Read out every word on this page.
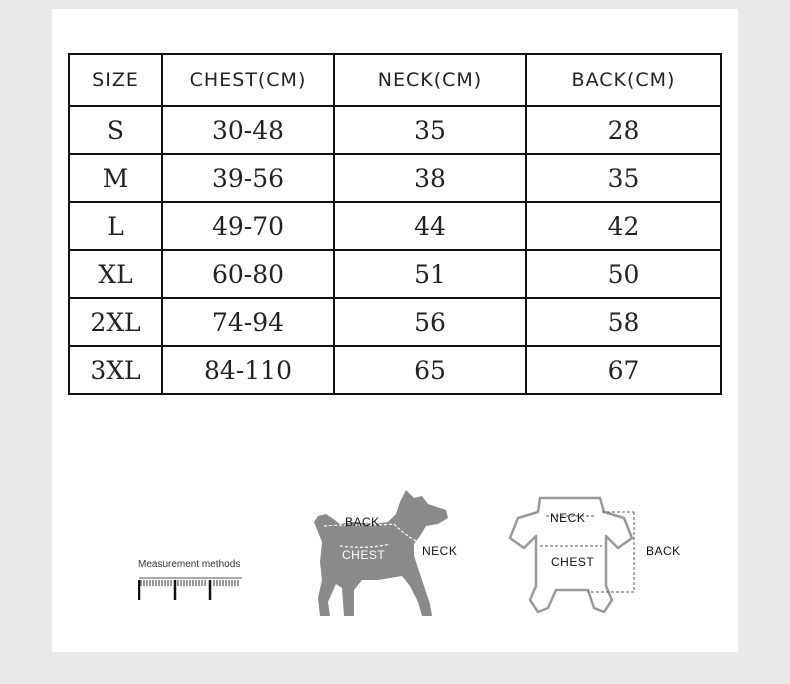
SIZE	CHEST(CM)	NECK(CM)	BACK(CM)
S	30-48	35	28
M	39-56	38	35
L	49-70	44	42
XL	60-80	51	50
2XL	74-94	56	58
3XL	84-110	65	67
Measurement methods
BACK
CHEST	NECK
NECK
CHEST
BACK
